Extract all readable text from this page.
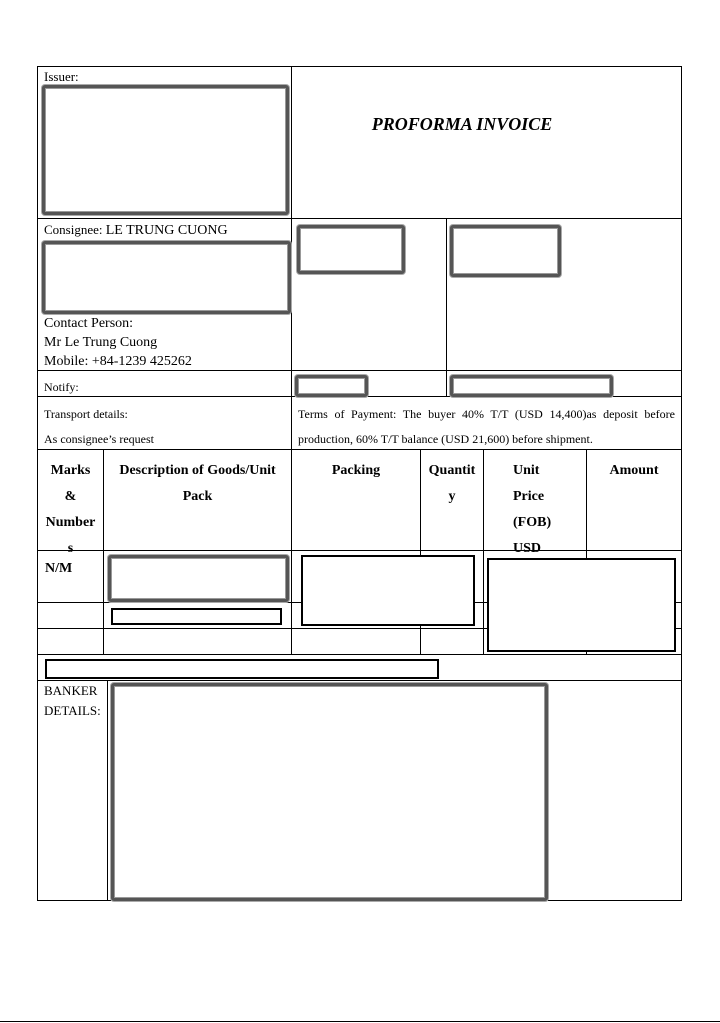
Issuer:
PROFORMA INVOICE
Consignee: LE TRUNG CUONG
Contact Person:
Mr Le Trung Cuong
Mobile: +84-1239 425262
Notify:
Transport details:
As consignee’s request
Terms of Payment: The buyer 40% T/T (USD 14,400)as deposit before
production, 60% T/T balance (USD 21,600) before shipment.
Marks
&
Number
s
Description of Goods/Unit
Pack
Packing	Quantit
y
Unit
Price
(FOB)
USD
Amount
N/M
BANKER
DETAILS:
